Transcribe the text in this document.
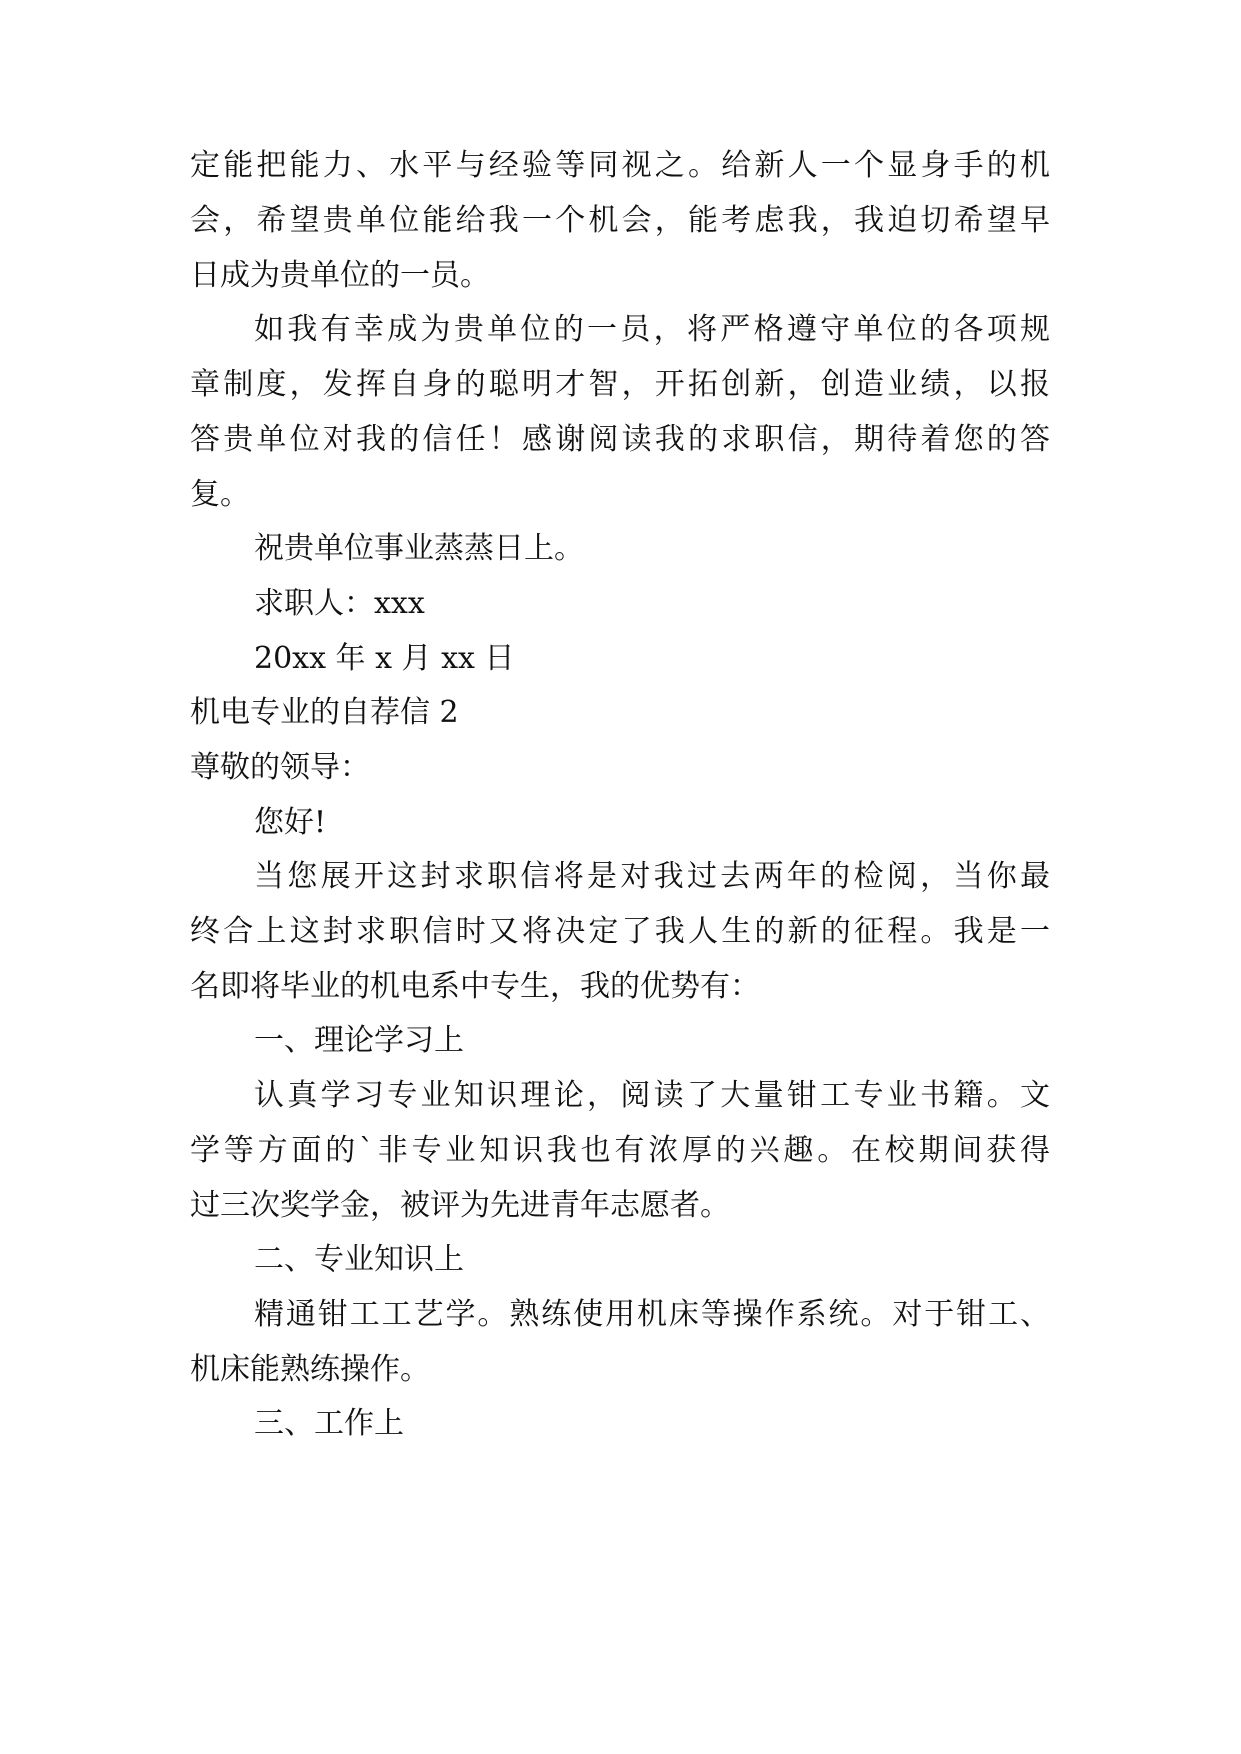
定能把能力、水平与经验等同视之。给新人一个显身手的机
会，希望贵单位能给我一个机会，能考虑我，我迫切希望早
日成为贵单位的一员。
如我有幸成为贵单位的一员，将严格遵守单位的各项规
章制度，发挥自身的聪明才智，开拓创新，创造业绩，以报
答贵单位对我的信任！感谢阅读我的求职信，期待着您的答
复。
祝贵单位事业蒸蒸日上。
求职人：xxx
20xx 年 x 月 xx 日
机电专业的自荐信 2
尊敬的领导：
您好!
当您展开这封求职信将是对我过去两年的检阅，当你最
终合上这封求职信时又将决定了我人生的新的征程。我是一
名即将毕业的机电系中专生，我的优势有：
一、理论学习上
认真学习专业知识理论，阅读了大量钳工专业书籍。文
学等方面的`非专业知识我也有浓厚的兴趣。在校期间获得
过三次奖学金，被评为先进青年志愿者。
二、专业知识上
精通钳工工艺学。熟练使用机床等操作系统。对于钳工、
机床能熟练操作。
三、工作上
